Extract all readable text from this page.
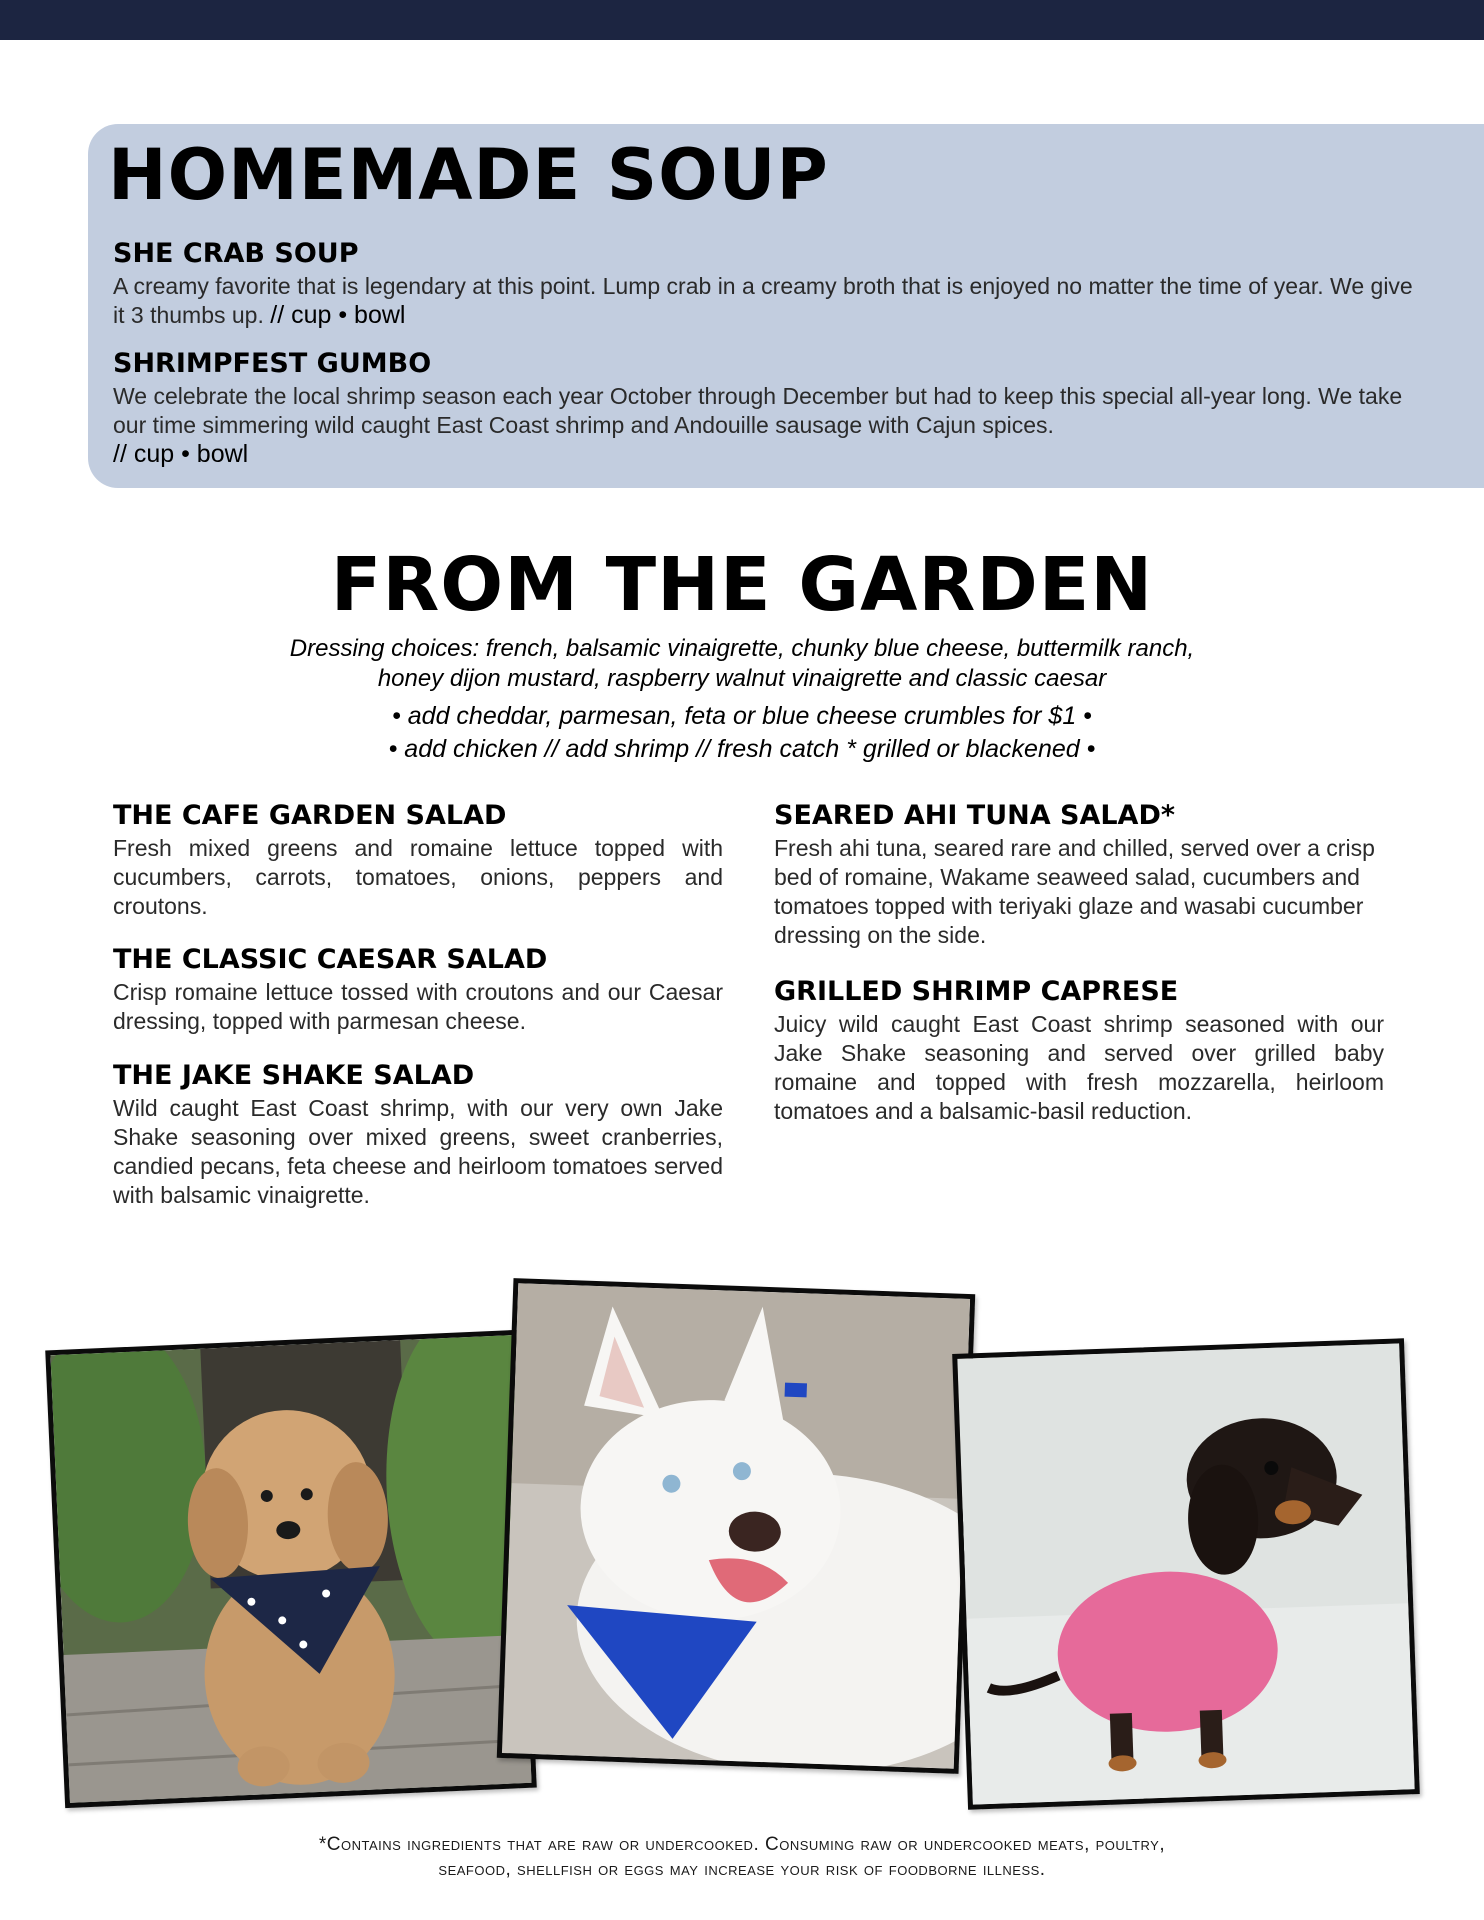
HOMEMADE SOUP
SHE CRAB SOUP

A creamy favorite that is legendary at this point. Lump crab in a creamy broth that is enjoyed no matter the time of year. We give it 3 thumbs up. // cup • bowl

SHRIMPFEST GUMBO

We celebrate the local shrimp season each year October through December but had to keep this special all-year long. We take our time simmering wild caught East Coast shrimp and Andouille sausage with Cajun spices.

// cup • bowl
FROM THE GARDEN
Dressing choices: french, balsamic vinaigrette, chunky blue cheese, buttermilk ranch,
honey dijon mustard, raspberry walnut vinaigrette and classic caesar
• add cheddar, parmesan, feta or blue cheese crumbles for $1 •
• add chicken // add shrimp // fresh catch * grilled or blackened •
THE CAFE GARDEN SALAD

Fresh mixed greens and romaine lettuce topped with cucumbers, carrots, tomatoes, onions, peppers and croutons.

THE CLASSIC CAESAR SALAD

Crisp romaine lettuce tossed with croutons and our Caesar dressing, topped with parmesan cheese.

THE JAKE SHAKE SALAD

Wild caught East Coast shrimp, with our very own Jake Shake seasoning over mixed greens, sweet cranberries, candied pecans, feta cheese and heirloom tomatoes served with balsamic vinaigrette.

SEARED AHI TUNA SALAD*

Fresh ahi tuna, seared rare and chilled, served over a crisp bed of romaine, Wakame seaweed salad, cucumbers and tomatoes topped with teriyaki glaze and wasabi cucumber dressing on the side.

GRILLED SHRIMP CAPRESE

Juicy wild caught East Coast shrimp seasoned with our Jake Shake seasoning and served over grilled baby romaine and topped with fresh mozzarella, heirloom tomatoes and a balsamic-basil reduction.

*Contains ingredients that are raw or undercooked. Consuming raw or undercooked meats, poultry,
seafood, shellfish or eggs may increase your risk of foodborne illness.
